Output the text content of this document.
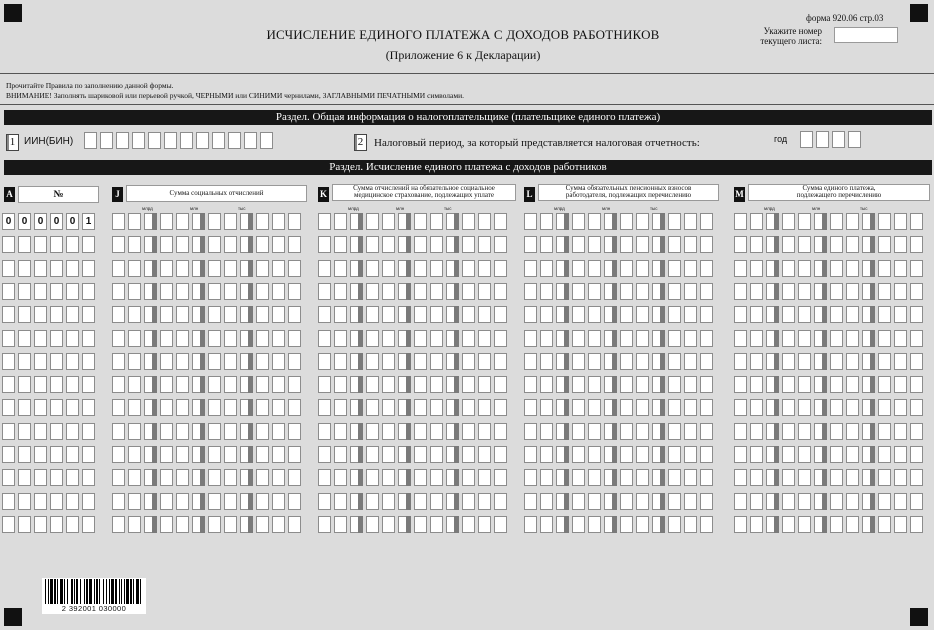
форма 920.06 стр.03
ИСЧИСЛЕНИЕ ЕДИНОГО ПЛАТЕЖА С ДОХОДОВ РАБОТНИКОВ
(Приложение 6 к Декларации)
Укажите номер
текущего листа:
Прочитайте Правила по заполнению данной формы.
ВНИМАНИЕ! Заполнять шариковой или перьевой ручкой, ЧЕРНЫМИ или СИНИМИ чернилами, ЗАГЛАВНЫМИ ПЕЧАТНЫМИ символами.
Раздел. Общая информация о налогоплательщике (плательщике единого платежа)
1 ИИН(БИН)	2 Налоговый период, за который представляется налоговая отчетность:	год
Раздел. Исчисление единого платежа с доходов работников
A	№	J	Сумма социальных отчислений	K
Сумма отчислений на обязательное социальное
медицинское страхование, подлежащих уплате	L
Сумма обязательных пенсионных взносов
работодателя, подлежащих перечислению	M
Сумма единого платежа,
подлежащего перечислению
0	0	0	0	0	1
млрд	млн	тыс	млрд	млн	тыс	млрд	млн	тыс	млрд	млн	тыс
2 392001 030000
